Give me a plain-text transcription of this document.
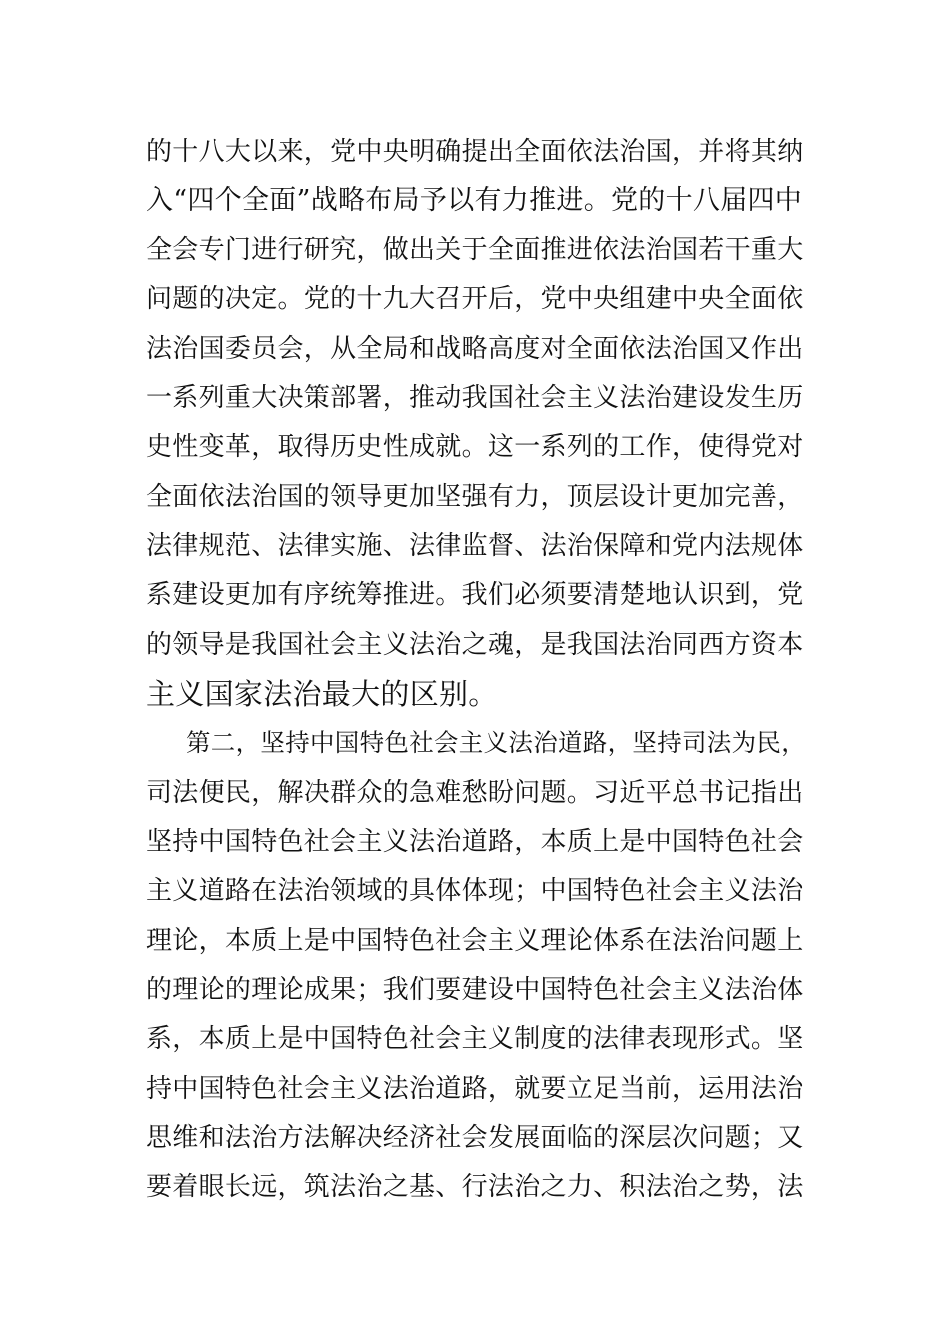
的十八大以来，党中央明确提出全面依法治国，并将其纳
入“四个全面”战略布局予以有力推进。党的十八届四中
全会专门进行研究，做出关于全面推进依法治国若干重大
问题的决定。党的十九大召开后，党中央组建中央全面依
法治国委员会，从全局和战略高度对全面依法治国又作出
一系列重大决策部署，推动我国社会主义法治建设发生历
史性变革，取得历史性成就。这一系列的工作，使得党对
全面依法治国的领导更加坚强有力，顶层设计更加完善，
法律规范、法律实施、法律监督、法治保障和党内法规体
系建设更加有序统筹推进。我们必须要清楚地认识到，党
的领导是我国社会主义法治之魂，是我国法治同西方资本
主义国家法治最大的区别。
第二，坚持中国特色社会主义法治道路，坚持司法为民，
司法便民，解决群众的急难愁盼问题。习近平总书记指出
坚持中国特色社会主义法治道路，本质上是中国特色社会
主义道路在法治领域的具体体现；中国特色社会主义法治
理论，本质上是中国特色社会主义理论体系在法治问题上
的理论的理论成果；我们要建设中国特色社会主义法治体
系，本质上是中国特色社会主义制度的法律表现形式。坚
持中国特色社会主义法治道路，就要立足当前，运用法治
思维和法治方法解决经济社会发展面临的深层次问题；又
要着眼长远，筑法治之基、行法治之力、积法治之势，法
